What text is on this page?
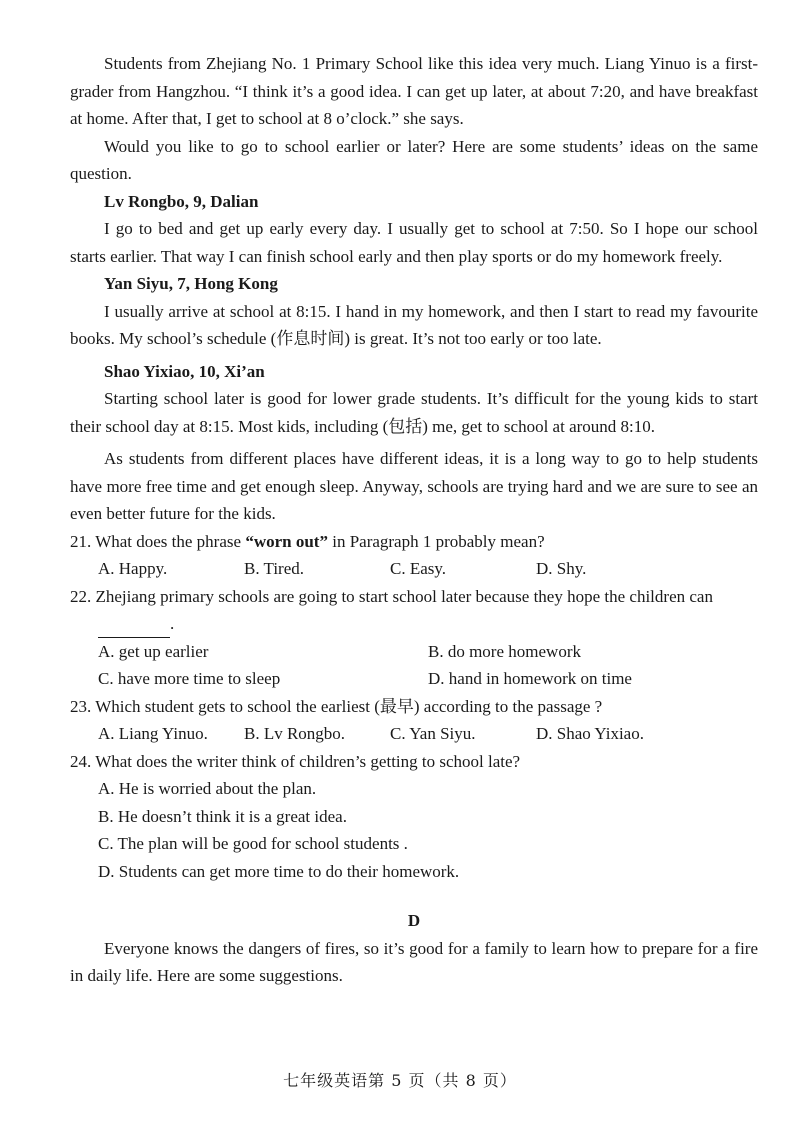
Students from Zhejiang No. 1 Primary School like this idea very much. Liang Yinuo is a first-grader from Hangzhou. “I think it’s a good idea. I can get up later, at about 7:20, and have breakfast at home. After that, I get to school at 8 o’clock.” she says.

Would you like to go to school earlier or later? Here are some students’ ideas on the same question.

Lv Rongbo, 9, Dalian

I go to bed and get up early every day. I usually get to school at 7:50. So I hope our school starts earlier. That way I can finish school early and then play sports or do my homework freely.

Yan Siyu, 7, Hong Kong

I usually arrive at school at 8:15. I hand in my homework, and then I start to read my favourite books. My school’s schedule (作息时间) is great. It’s not too early or too late.

Shao Yixiao, 10, Xi’an

Starting school later is good for lower grade students. It’s difficult for the young kids to start their school day at 8:15. Most kids, including (包括) me, get to school at around 8:10.

As students from different places have different ideas, it is a long way to go to help students have more free time and get enough sleep. Anyway, schools are trying hard and we are sure to see an even better future for the kids.

21. What does the phrase “worn out” in Paragraph 1 probably mean?

A. Happy.	B. Tired.	C. Easy.	D. Shy.

22. Zhejiang primary schools are going to start school later because they hope the children can

.
A. get up earlier	B. do more homework
C. have more time to sleep	D. hand in homework on time

23. Which student gets to school the earliest (最早) according to the passage ?

A. Liang Yinuo.	B. Lv Rongbo.	C. Yan Siyu.	D. Shao Yixiao.

24. What does the writer think of children’s getting to school late?

A. He is worried about the plan.

B. He doesn’t think it is a great idea.

C. The plan will be good for school students .

D. Students can get more time to do their homework.

D

Everyone knows the dangers of fires, so it’s good for a family to learn how to prepare for a fire in daily life. Here are some suggestions.

七年级英语第 5 页（共 8 页）
